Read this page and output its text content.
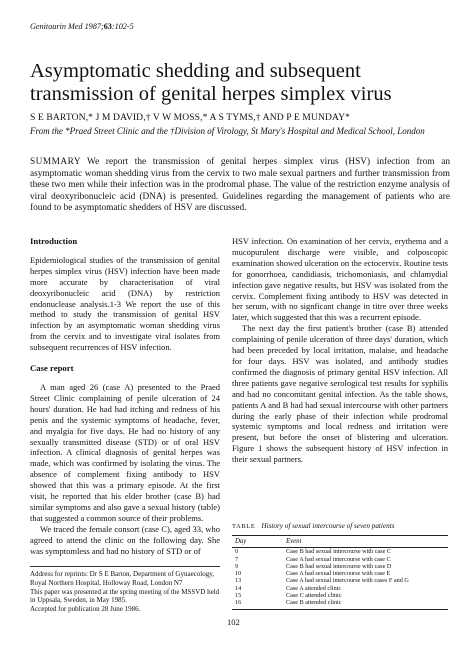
Genitourin Med 1987;63:102-5
Asymptomatic shedding and subsequent transmission of genital herpes simplex virus
S E BARTON,* J M DAVID,† V W MOSS,* A S TYMS,† AND P E MUNDAY*
From the *Praed Street Clinic and the †Division of Virology, St Mary's Hospital and Medical School, London
SUMMARY We report the transmission of genital herpes simplex virus (HSV) infection from an asymptomatic woman shedding virus from the cervix to two male sexual partners and further transmission from these two men while their infection was in the prodromal phase. The value of the restriction enzyme analysis of viral deoxyribonucleic acid (DNA) is presented. Guidelines regarding the management of patients who are found to be asymptomatic shedders of HSV are discussed.
Introduction

Epidemiological studies of the transmission of genital herpes simplex virus (HSV) infection have been made more accurate by characterisation of viral deoxyribonucleic acid (DNA) by restriction endonuclease analysis.1-3 We report the use of this method to study the transmission of genital HSV infection by an asymptomatic woman shedding virus from the cervix and to investigate viral isolates from subsequent recurrences of HSV infection.

Case report

A man aged 26 (case A) presented to the Praed Street Clinic complaining of penile ulceration of 24 hours' duration. He had had itching and redness of his penis and the systemic symptoms of headache, fever, and myalgia for five days. He had no history of any sexually transmitted disease (STD) or of oral HSV infection. A clinical diagnosis of genital herpes was made, which was confirmed by isolating the virus. The absence of complement fixing antibody to HSV showed that this was a primary episode. At the first visit, he reported that his elder brother (case B) had similar symptoms and also gave a sexual history (table) that suggested a common source of their problems.

We traced the female consort (case C), aged 33, who agreed to attend the clinic on the following day. She was symptomless and had no history of STD or of

Address for reprints: Dr S E Barton, Department of Gynaecology, Royal Northern Hospital, Holloway Road, London N7

This paper was presented at the spring meeting of the MSSVD held in Uppsala, Sweden, in May 1985.

Accepted for publication 28 June 1986.

HSV infection. On examination of her cervix, erythema and a mucopurulent discharge were visible, and colposcopic examination showed ulceration on the ectocervix. Routine tests for gonorrhoea, candidiasis, trichomoniasis, and chlamydial infection gave negative results, but HSV was isolated from the cervix. Complement fixing antibody to HSV was detected in her serum, with no signficant change in titre over three weeks later, which suggested that this was a recurrent episode.

The next day the first patient's brother (case B) attended complaining of penile ulceration of three days' duration, which had been preceded by local irritation, malaise, and headache for four days. HSV was isolated, and antibody studies confirmed the diagnosis of primary genital HSV infection. All three patients gave negative serological test results for syphilis and had no concomitant genital infection. As the table shows, patients A and B had had sexual intercourse with other partners during the early phase of their infection while prodromal systemic symptoms and local redness and irritation were present, but before the onset of blistering and ulceration. Figure 1 shows the subsequent history of HSV infection in their sexual partners.

TABLE History of sexual intercourse of seven patients
Day	Event
0	Case B had sexual intercourse with case C
7	Case A had sexual intercourse with case C
9	Case B had sexual intercourse with case D
10	Case A had sexual intercourse with case E
13	Case A had sexual intercourse with cases F and G
14	Case A attended clinic
15	Case C attended clinic
16	Case B attended clinic
102
